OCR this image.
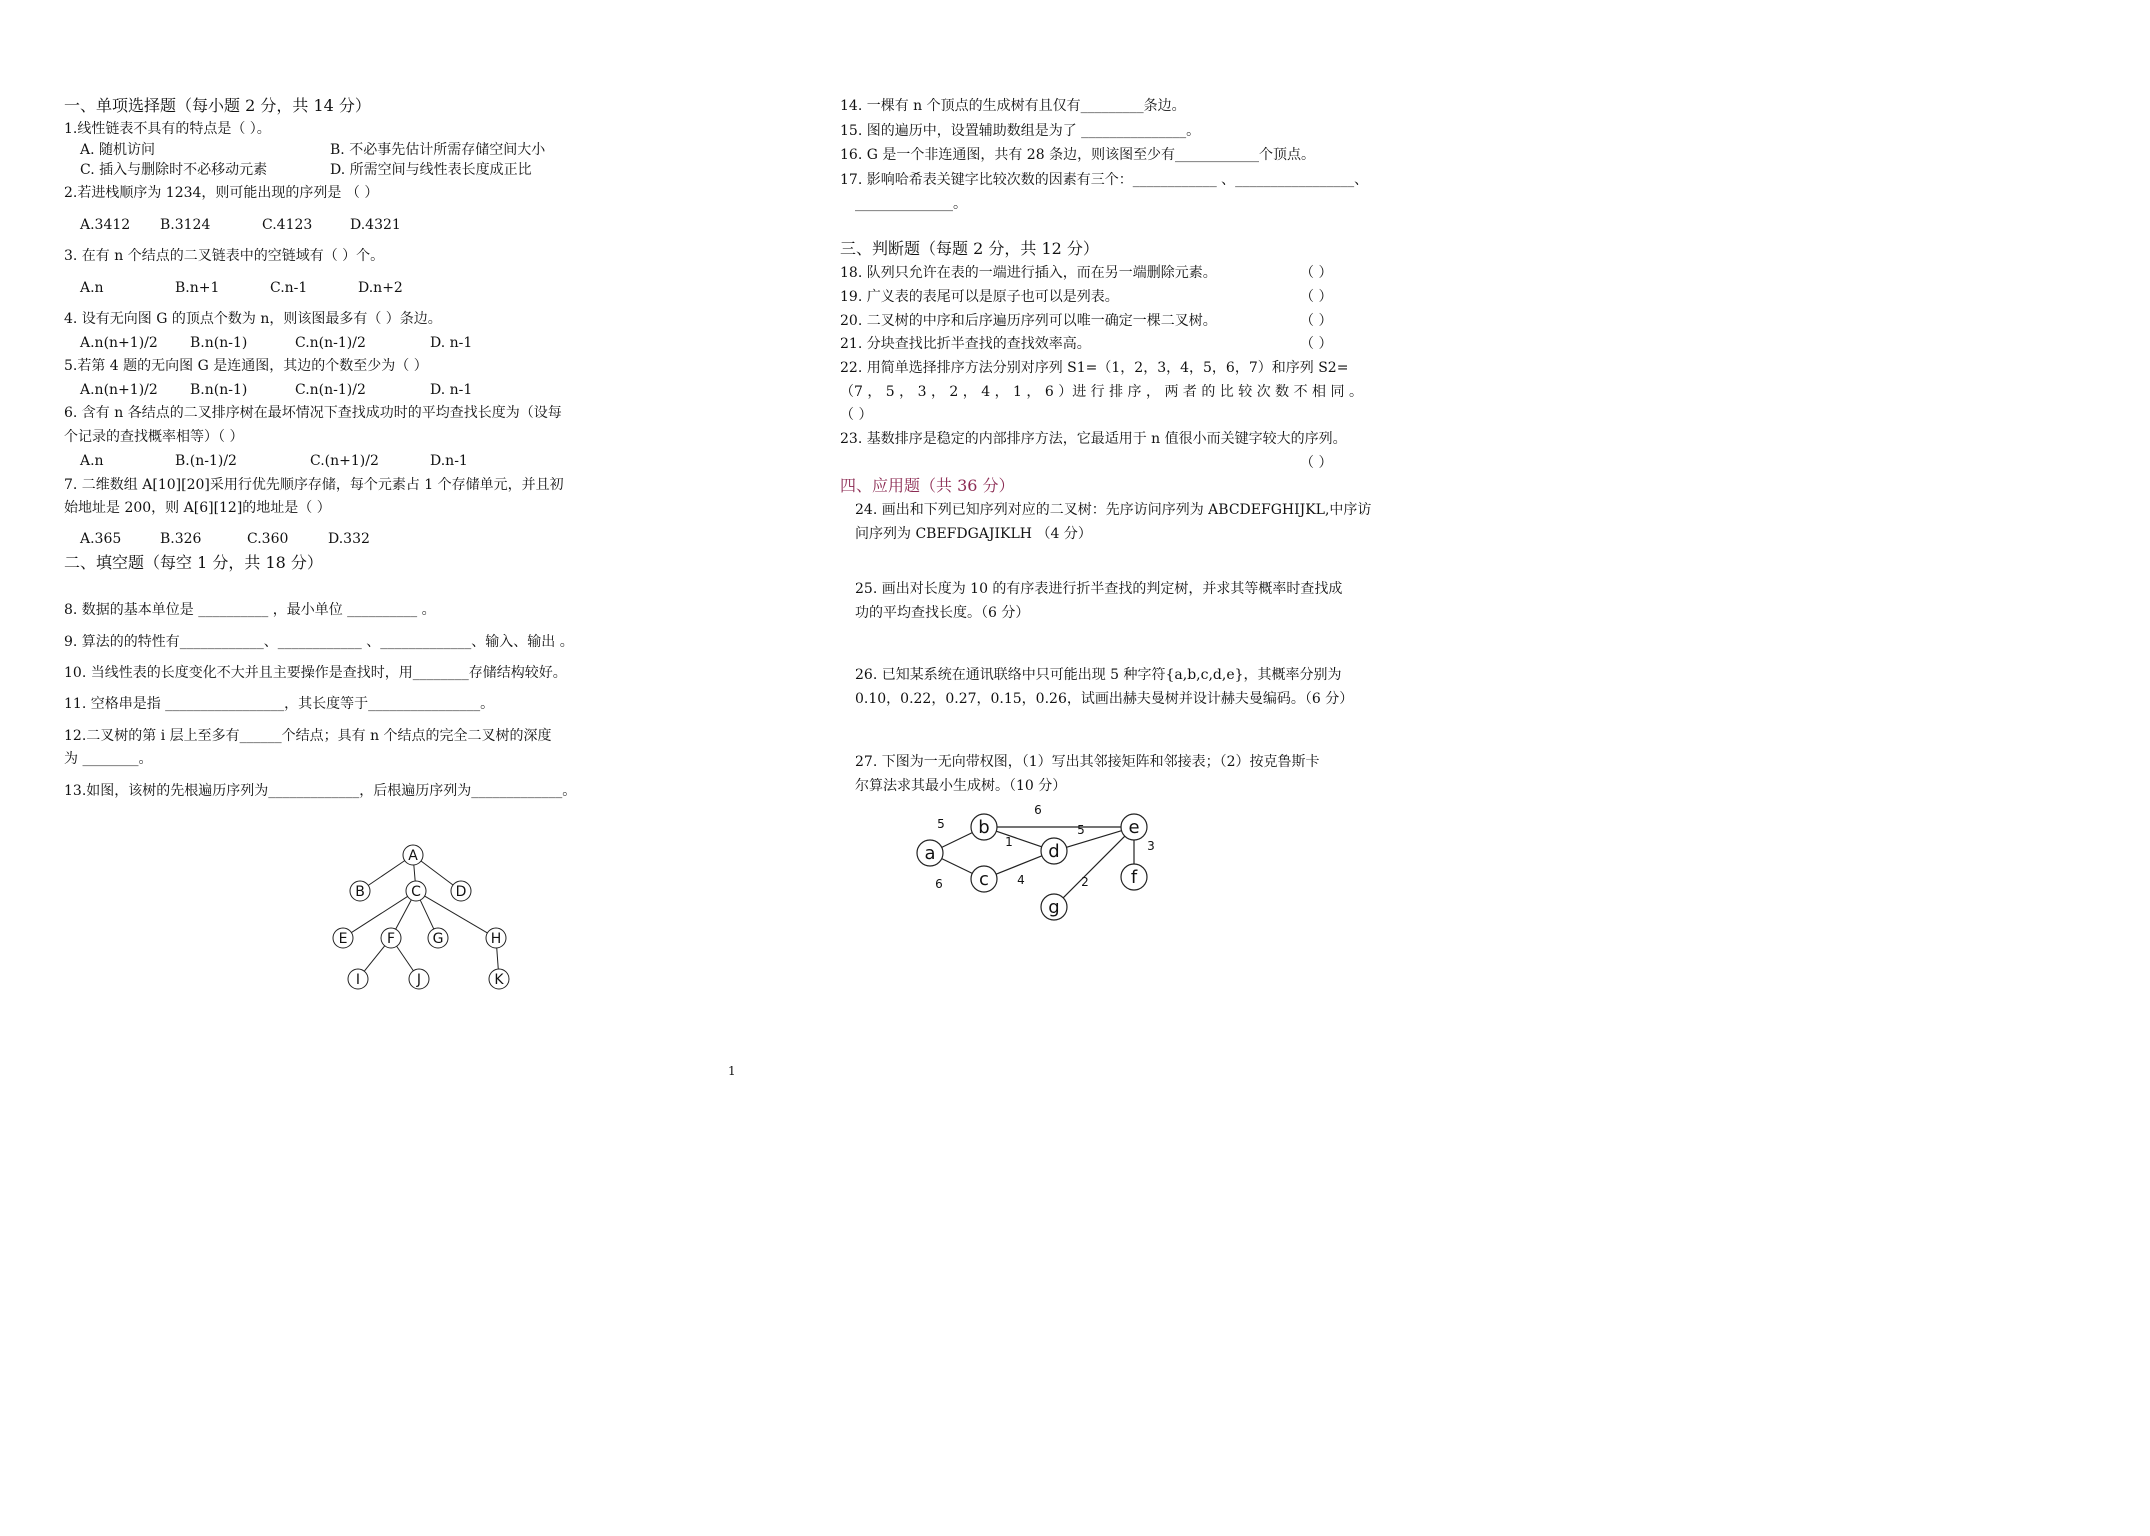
一、单项选择题（每小题 2 分，共 14 分）
1.线性链表不具有的特点是（ ）。
A. 随机访问	B. 不必事先估计所需存储空间大小
C. 插入与删除时不必移动元素	D. 所需空间与线性表长度成正比
2.若进栈顺序为 1234，则可能出现的序列是 （ ）
A.3412 B.3124	C.4123	D.4321
3. 在有 n 个结点的二叉链表中的空链域有（ ）个。
A.n	B.n+1	C.n-1	D.n+2
4. 设有无向图 G 的顶点个数为 n，则该图最多有（ ）条边。
A.n(n+1)/2 B.n(n-1)	C.n(n-1)/2	D. n-1
5.若第 4 题的无向图 G 是连通图，其边的个数至少为（ ）
A.n(n+1)/2 B.n(n-1)	C.n(n-1)/2	D. n-1
6. 含有 n 各结点的二叉排序树在最坏情况下查找成功时的平均查找长度为（设每
个记录的查找概率相等）（ ）
A.n	B.(n-1)/2	C.(n+1)/2	D.n-1
7. 二维数组 A[10][20]采用行优先顺序存储，每个元素占 1 个存储单元，并且初
始地址是 200，则 A[6][12]的地址是（ ）
A.365	B.326	C.360	D.332
二、填空题（每空 1 分，共 18 分）
8. 数据的基本单位是 __________ ，最小单位 __________ 。
9. 算法的的特性有____________、____________ 、_____________、输入、输出 。
10. 当线性表的长度变化不大并且主要操作是查找时，用________存储结构较好。
11. 空格串是指 _________________，其长度等于________________。
12.二叉树的第 i 层上至多有______个结点；具有 n 个结点的完全二叉树的深度
为 ________。
13.如图，该树的先根遍历序列为_____________，后根遍历序列为_____________。
A
B	C D
E	F	G	H
I	J	K
14. 一棵有 n 个顶点的生成树有且仅有_________条边。
15. 图的遍历中，设置辅助数组是为了 _______________。
16. G 是一个非连通图，共有 28 条边，则该图至少有____________个顶点。
17. 影响哈希表关键字比较次数的因素有三个：____________ 、_________________、
______________。
三、判断题（每题 2 分，共 12 分）
18. 队列只允许在表的一端进行插入，而在另一端删除元素。	（ ）
19. 广义表的表尾可以是原子也可以是列表。	（ ）
20. 二叉树的中序和后序遍历序列可以唯一确定一棵二叉树。	（ ）
21. 分块查找比折半查找的查找效率高。	（ ）
22. 用简单选择排序方法分别对序列 S1=（1，2，3，4，5，6，7）和序列 S2=
（7 ， 5 ， 3 ， 2 ， 4 ， 1 ， 6 ）进 行 排 序 ， 两 者 的 比 较 次 数 不 相 同 。
（ ）
23. 基数排序是稳定的内部排序方法，它最适用于 n 值很小而关键字较大的序列。
（ ）
四、应用题（共 36 分）
24. 画出和下列已知序列对应的二叉树：先序访问序列为 ABCDEFGHIJKL,中序访
问序列为 CBEFDGAJIKLH （4 分）
25. 画出对长度为 10 的有序表进行折半查找的判定树，并求其等概率时查找成
功的平均查找长度。（6 分）
26. 已知某系统在通讯联络中只可能出现 5 种字符{a,b,c,d,e}，其概率分别为
0.10，0.22，0.27，0.15，0.26，试画出赫夫曼树并设计赫夫曼编码。（6 分）
27. 下图为一无向带权图，（1）写出其邻接矩阵和邻接表；（2）按克鲁斯卡
尔算法求其最小生成树。（10 分）
5
6
1
6
4
5
3
2
a
b
c
d
e
f
g
1
